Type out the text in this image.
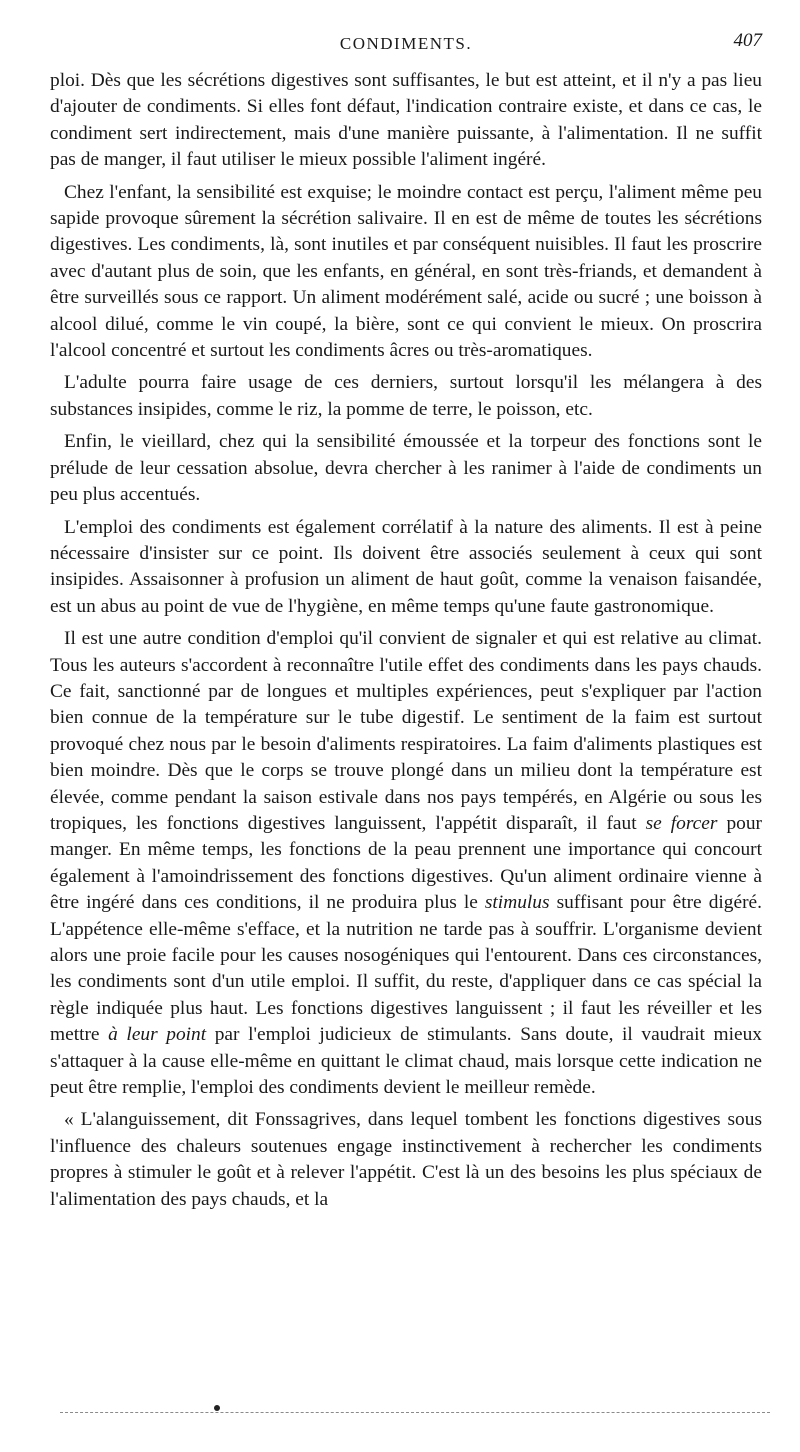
CONDIMENTS.	407

ploi. Dès que les sécrétions digestives sont suffisantes, le but est atteint, et il n'y a pas lieu d'ajouter de condiments. Si elles font défaut, l'indication contraire existe, et dans ce cas, le condiment sert indirectement, mais d'une manière puissante, à l'alimentation. Il ne suffit pas de manger, il faut utiliser le mieux possible l'aliment ingéré.

Chez l'enfant, la sensibilité est exquise; le moindre contact est perçu, l'aliment même peu sapide provoque sûrement la sécrétion salivaire. Il en est de même de toutes les sécrétions digestives. Les condiments, là, sont inutiles et par conséquent nuisibles. Il faut les proscrire avec d'autant plus de soin, que les enfants, en général, en sont très-friands, et demandent à être surveillés sous ce rapport. Un aliment modérément salé, acide ou sucré ; une boisson à alcool dilué, comme le vin coupé, la bière, sont ce qui convient le mieux. On proscrira l'alcool concentré et surtout les condiments âcres ou très-aromatiques.

L'adulte pourra faire usage de ces derniers, surtout lorsqu'il les mélangera à des substances insipides, comme le riz, la pomme de terre, le poisson, etc.

Enfin, le vieillard, chez qui la sensibilité émoussée et la torpeur des fonctions sont le prélude de leur cessation absolue, devra chercher à les ranimer à l'aide de condiments un peu plus accentués.

L'emploi des condiments est également corrélatif à la nature des aliments. Il est à peine nécessaire d'insister sur ce point. Ils doivent être associés seulement à ceux qui sont insipides. Assaisonner à profusion un aliment de haut goût, comme la venaison faisandée, est un abus au point de vue de l'hygiène, en même temps qu'une faute gastronomique.

Il est une autre condition d'emploi qu'il convient de signaler et qui est relative au climat. Tous les auteurs s'accordent à reconnaître l'utile effet des condiments dans les pays chauds. Ce fait, sanctionné par de longues et multiples expériences, peut s'expliquer par l'action bien connue de la température sur le tube digestif. Le sentiment de la faim est surtout provoqué chez nous par le besoin d'aliments respiratoires. La faim d'aliments plastiques est bien moindre. Dès que le corps se trouve plongé dans un milieu dont la température est élevée, comme pendant la saison estivale dans nos pays tempérés, en Algérie ou sous les tropiques, les fonctions digestives languissent, l'appétit disparaît, il faut se forcer pour manger. En même temps, les fonctions de la peau prennent une importance qui concourt également à l'amoindrissement des fonctions digestives. Qu'un aliment ordinaire vienne à être ingéré dans ces conditions, il ne produira plus le stimulus suffisant pour être digéré. L'appétence elle-même s'efface, et la nutrition ne tarde pas à souffrir. L'organisme devient alors une proie facile pour les causes nosogéniques qui l'entourent. Dans ces circonstances, les condiments sont d'un utile emploi. Il suffit, du reste, d'appliquer dans ce cas spécial la règle indiquée plus haut. Les fonctions digestives languissent ; il faut les réveiller et les mettre à leur point par l'emploi judicieux de stimulants. Sans doute, il vaudrait mieux s'attaquer à la cause elle-même en quittant le climat chaud, mais lorsque cette indication ne peut être remplie, l'emploi des condiments devient le meilleur remède.

« L'alanguissement, dit Fonssagrives, dans lequel tombent les fonctions digestives sous l'influence des chaleurs soutenues engage instinctivement à rechercher les condiments propres à stimuler le goût et à relever l'appétit. C'est là un des besoins les plus spéciaux de l'alimentation des pays chauds, et la
